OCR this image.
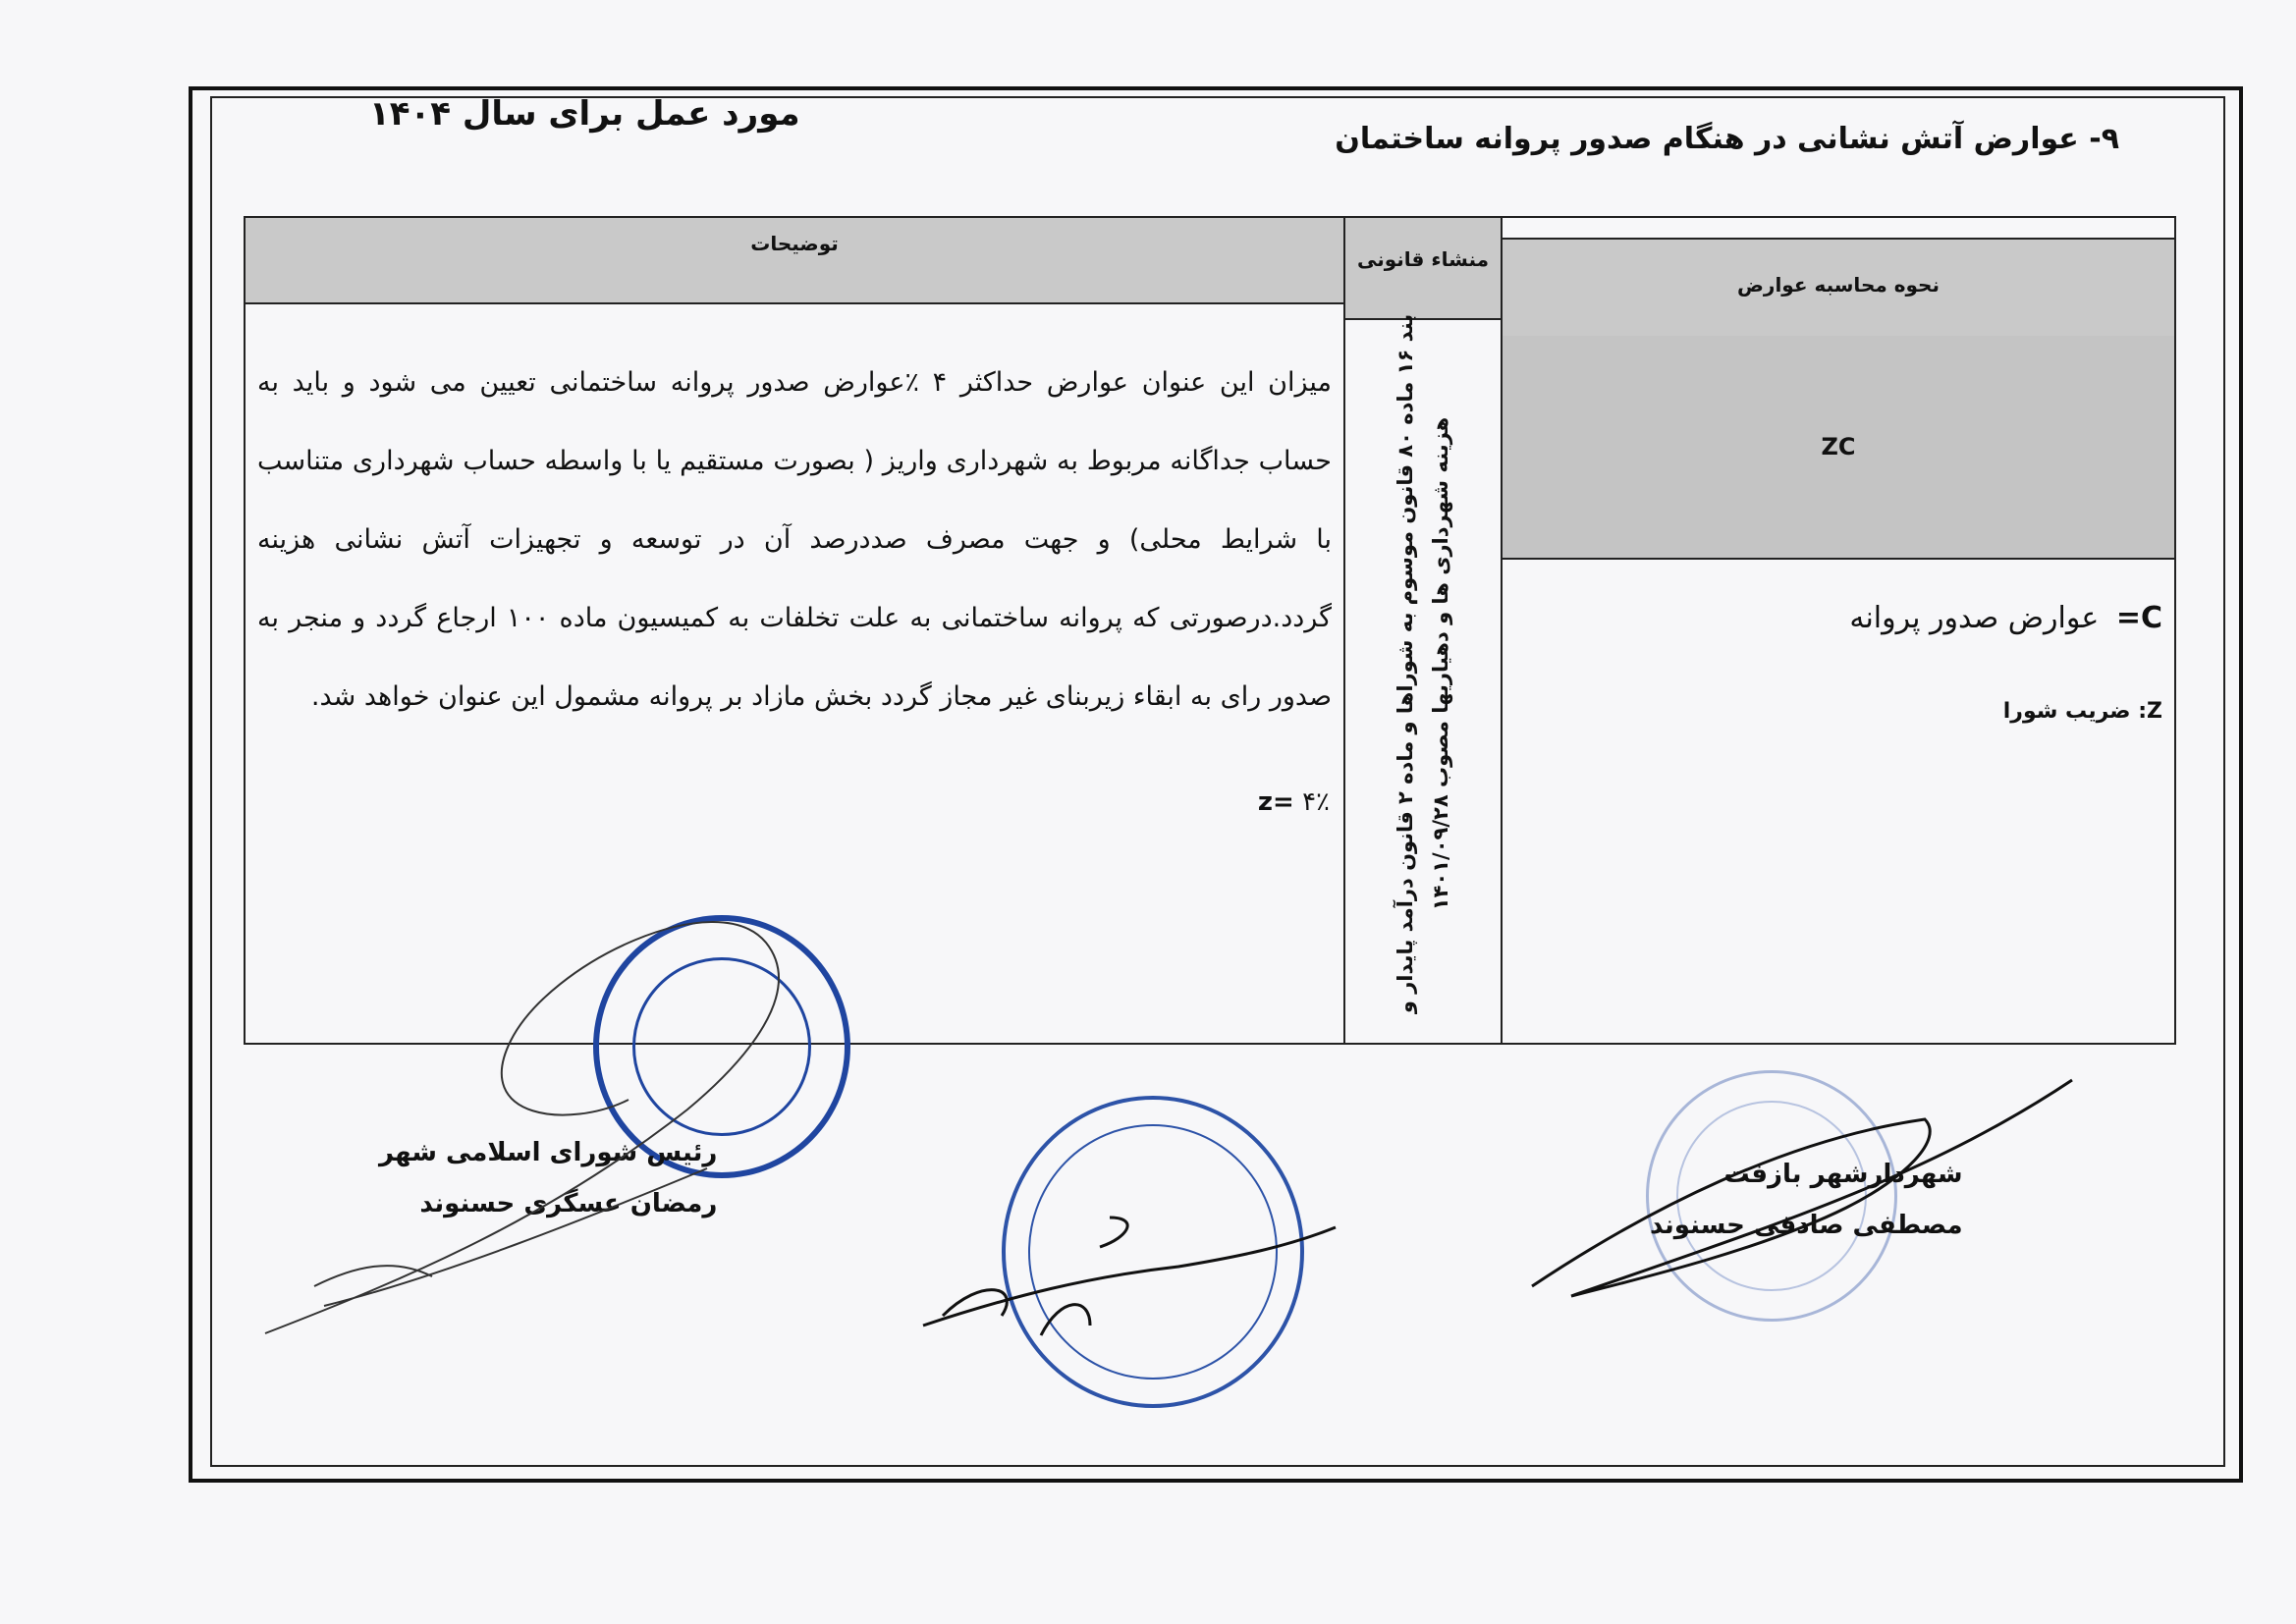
۹- عوارض آتش نشانی در هنگام صدور پروانه ساختمان
مورد عمل برای سال ۱۴۰۴
توضیحات
میزان این عنوان عوارض حداکثر ۴ ٪عوارض صدور پروانه ساختمانی تعیین می شود و باید به حساب جداگانه مربوط به شهرداری واریز ( بصورت مستقیم یا با واسطه حساب شهرداری متناسب با شرایط محلی) و جهت مصرف صددرصد آن در توسعه و تجهیزات آتش نشانی هزینه گردد.درصورتی که پروانه ساختمانی به علت تخلفات به کمیسیون ماده ۱۰۰ ارجاع گردد و منجر به صدور رای به ابقاء زیربنای غیر مجاز گردد بخش مازاد بر پروانه مشمول این عنوان خواهد شد.
z= ۴٪
منشاء قانونی
بند ۱۶ ماده ۸۰ قانون موسوم به شوراها و ماده ۲ قانون درآمد پایدار و هزینه شهرداری ها و دهیاریها مصوب ۱۴۰۱/۰۹/۲۸
نحوه محاسبه عوارض
ZC
C= عوارض صدور پروانه
Z: ضریب شورا
رئیس شورای اسلامی شهر
رمضان عسگری حسنوند
شهردارشهر بازفت
مصطفی صادقی حسنوند
